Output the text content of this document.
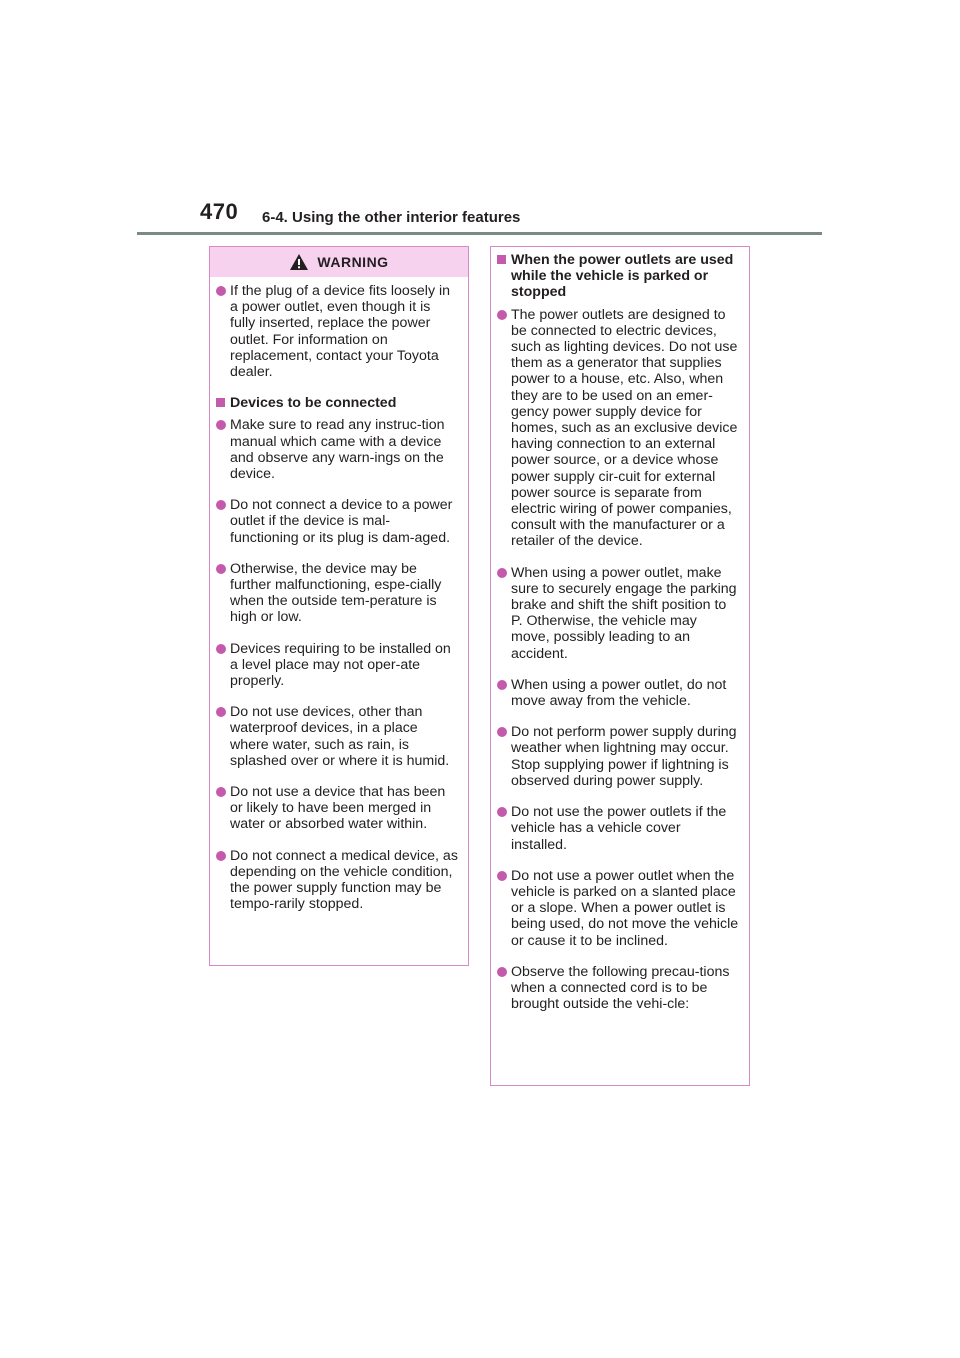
470 6-4. Using the other interior features
WARNING
If the plug of a device fits loosely in a power outlet, even though it is fully inserted, replace the power outlet. For information on replacement, contact your Toyota dealer.
Devices to be connected
Make sure to read any instruc-tion manual which came with a device and observe any warn-ings on the device.
Do not connect a device to a power outlet if the device is mal-functioning or its plug is dam-aged.
Otherwise, the device may be further malfunctioning, espe-cially when the outside tem-perature is high or low.
Devices requiring to be installed on a level place may not oper-ate properly.
Do not use devices, other than waterproof devices, in a place where water, such as rain, is splashed over or where it is humid.
Do not use a device that has been or likely to have been merged in water or absorbed water within.
Do not connect a medical device, as depending on the vehicle condition, the power supply function may be tempo-rarily stopped.
When the power outlets are used while the vehicle is parked or stopped
The power outlets are designed to be connected to electric devices, such as lighting devices. Do not use them as a generator that supplies power to a house, etc. Also, when they are to be used on an emer-gency power supply device for homes, such as an exclusive device having connection to an external power source, or a device whose power supply cir-cuit for external power source is separate from electric wiring of power companies, consult with the manufacturer or a retailer of the device.
When using a power outlet, make sure to securely engage the parking brake and shift the shift position to P. Otherwise, the vehicle may move, possibly leading to an accident.
When using a power outlet, do not move away from the vehicle.
Do not perform power supply during weather when lightning may occur. Stop supplying power if lightning is observed during power supply.
Do not use the power outlets if the vehicle has a vehicle cover installed.
Do not use a power outlet when the vehicle is parked on a slanted place or a slope. When a power outlet is being used, do not move the vehicle or cause it to be inclined.
Observe the following precau-tions when a connected cord is to be brought outside the vehi-cle:
